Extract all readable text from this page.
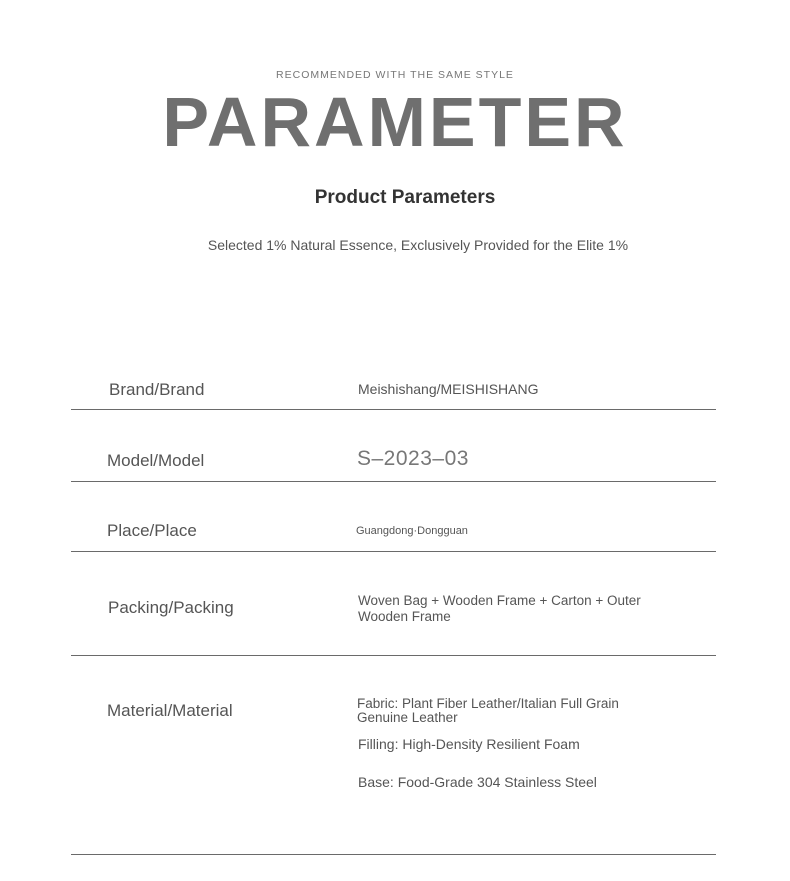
RECOMMENDED WITH THE SAME STYLE
PARAMETER
Product Parameters
Selected 1% Natural Essence, Exclusively Provided for the Elite 1%
Brand/Brand	Meishishang/MEISHISHANG
Model/Model	S–2023–03
Place/Place	Guangdong·Dongguan
Packing/Packing	Woven Bag + Wooden Frame + Carton + Outer Wooden Frame
Material/Material	Fabric: Plant Fiber Leather/Italian Full Grain Genuine Leather
Filling: High-Density Resilient Foam
Base: Food-Grade 304 Stainless Steel
